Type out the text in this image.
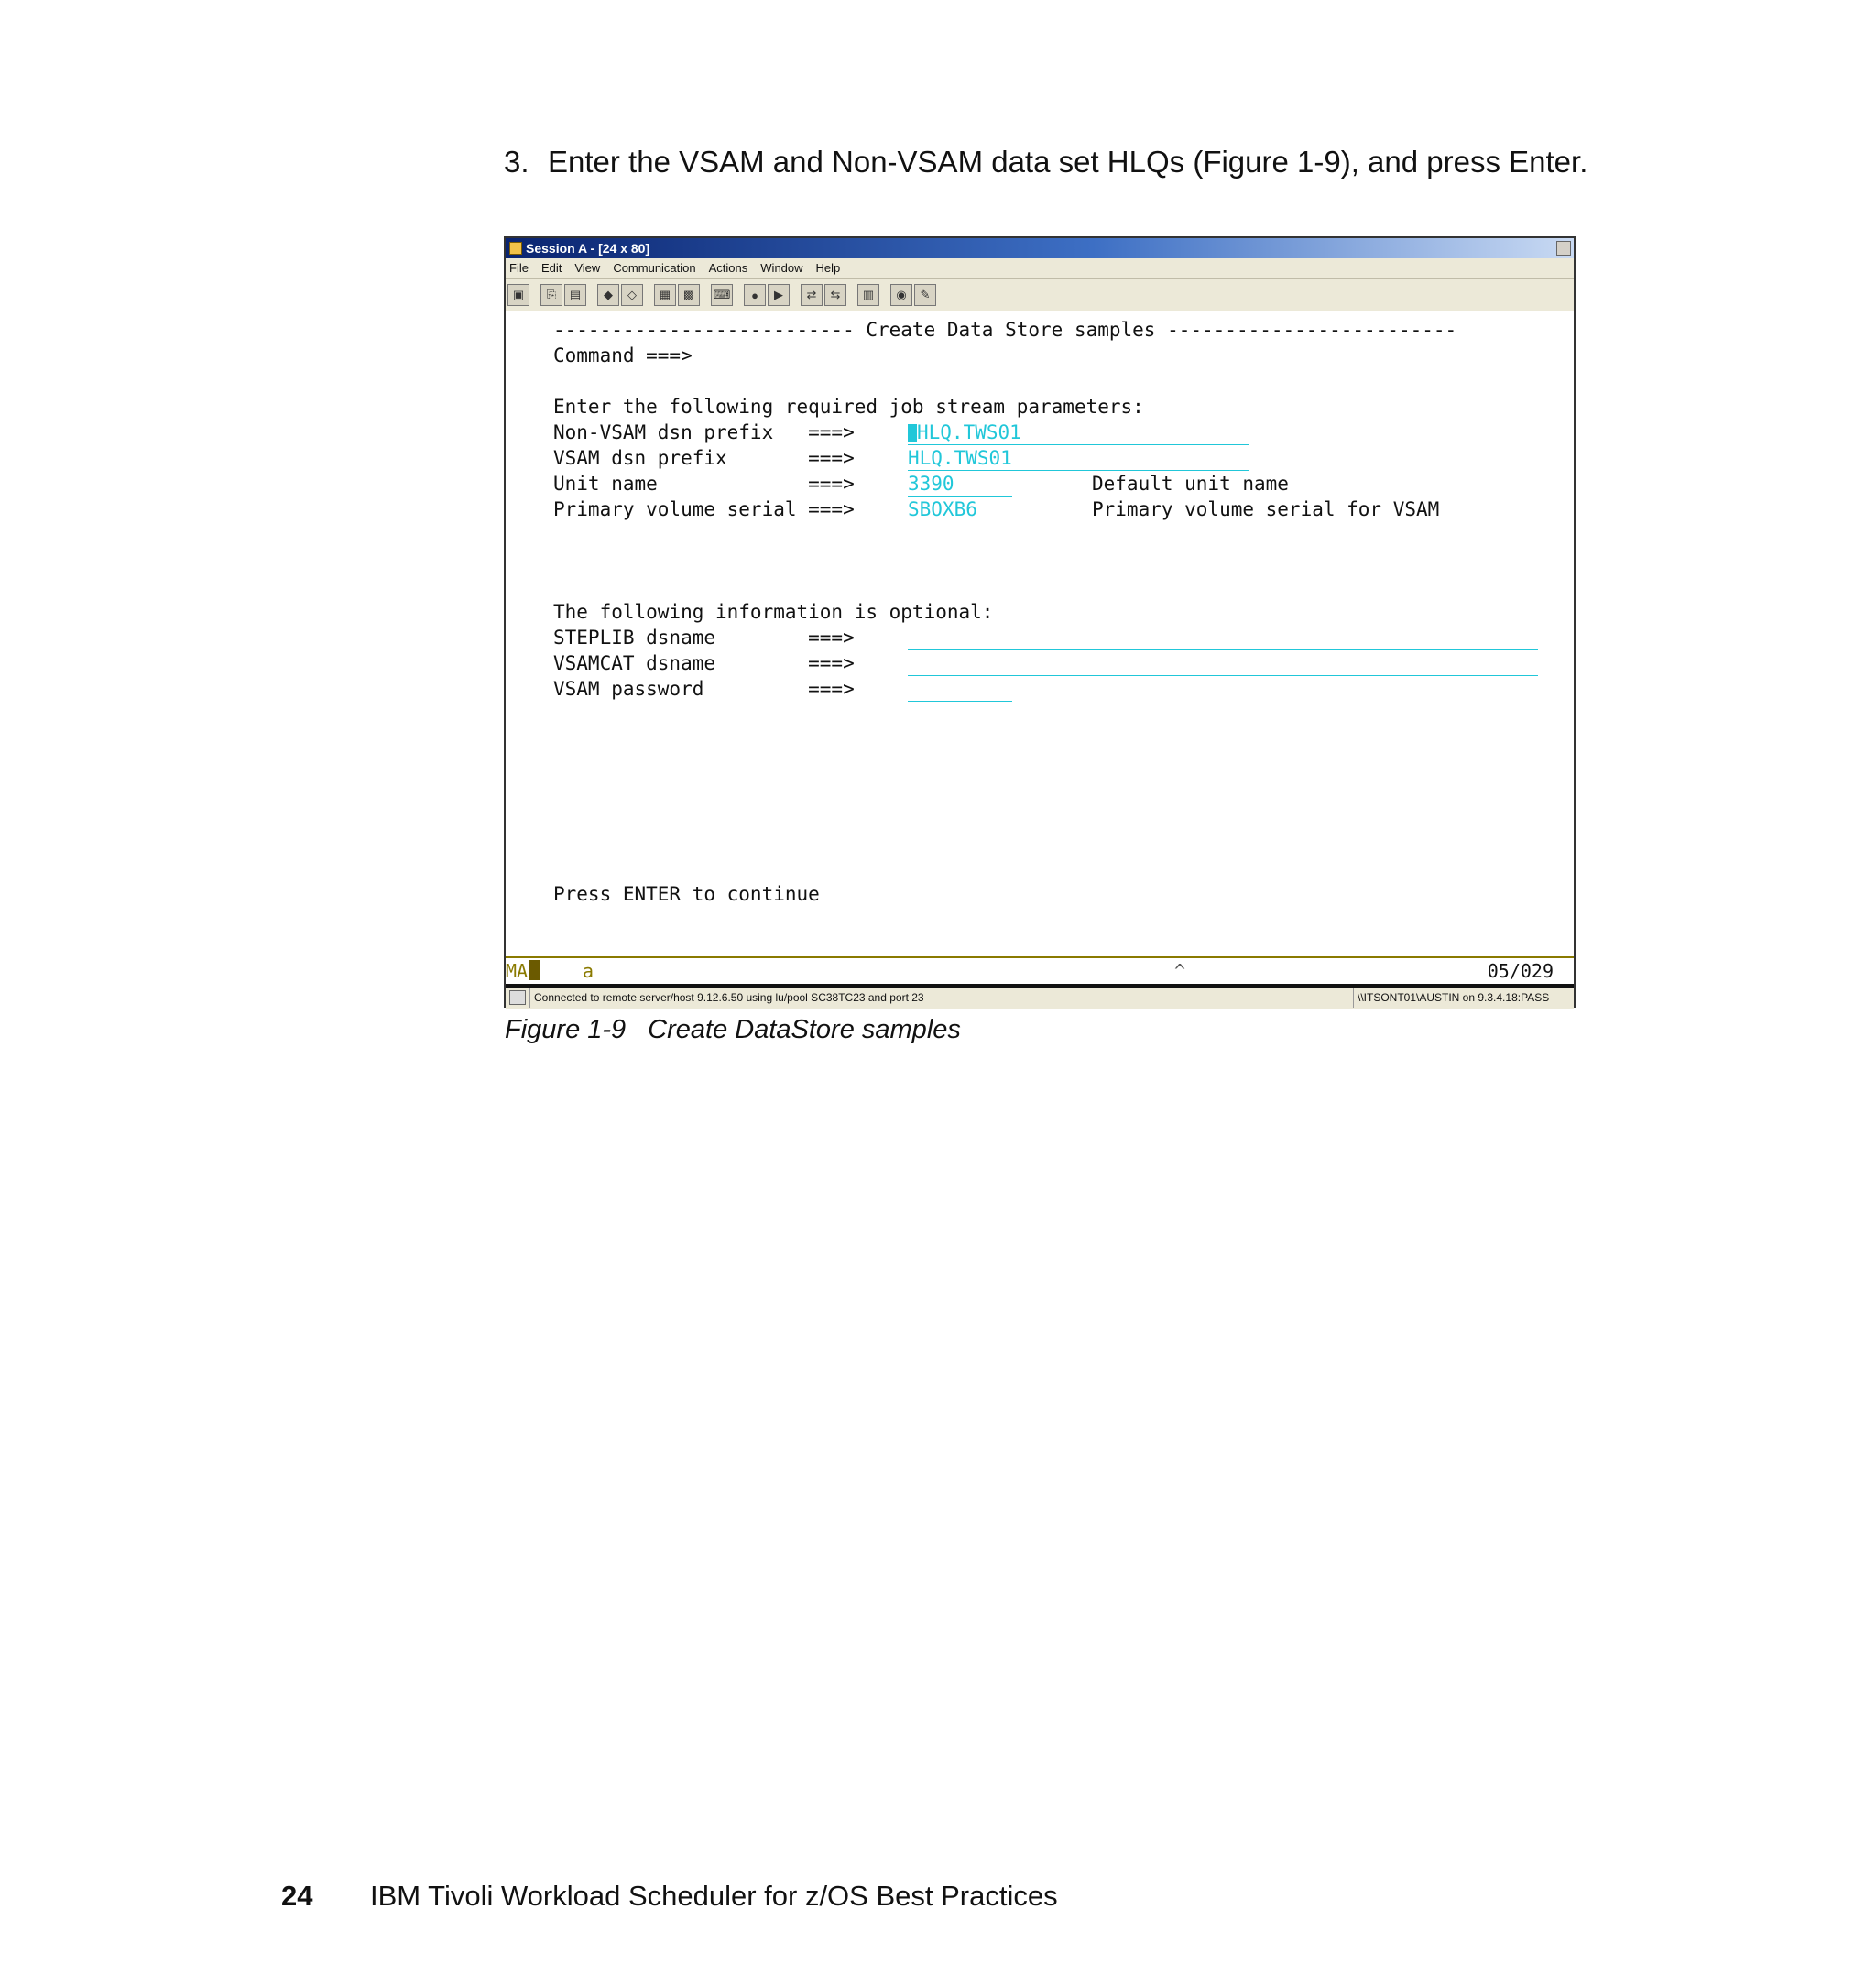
3. Enter the VSAM and Non-VSAM data set HLQs (Figure 1-9), and press Enter.
Session A - [24 x 80]
File Edit View Communication Actions Window Help
▣	⎘	▤	◆	◇	▦	▩	⌨	●	▶	⇄	⇆	▥	◉	✎
-------------------------- Create Data Store samples -------------------------
Command ===>
Enter the following required job stream parameters:
Non-VSAM dsn prefix   ===>	HLQ.TWS01
VSAM dsn prefix       ===>	HLQ.TWS01
Unit name             ===>	3390	Default unit name
Primary volume serial ===>	SBOXB6	Primary volume serial for VSAM
The following information is optional:
STEPLIB dsname        ===>
VSAMCAT dsname        ===>
VSAM password         ===>
Press ENTER to continue
MA	a	^	05/029
Connected to remote server/host 9.12.6.50 using lu/pool SC38TC23 and port 23	\\ITSONT01\AUSTIN on 9.3.4.18:PASS
Figure 1-9 Create DataStore samples
24 IBM Tivoli Workload Scheduler for z/OS Best Practices
